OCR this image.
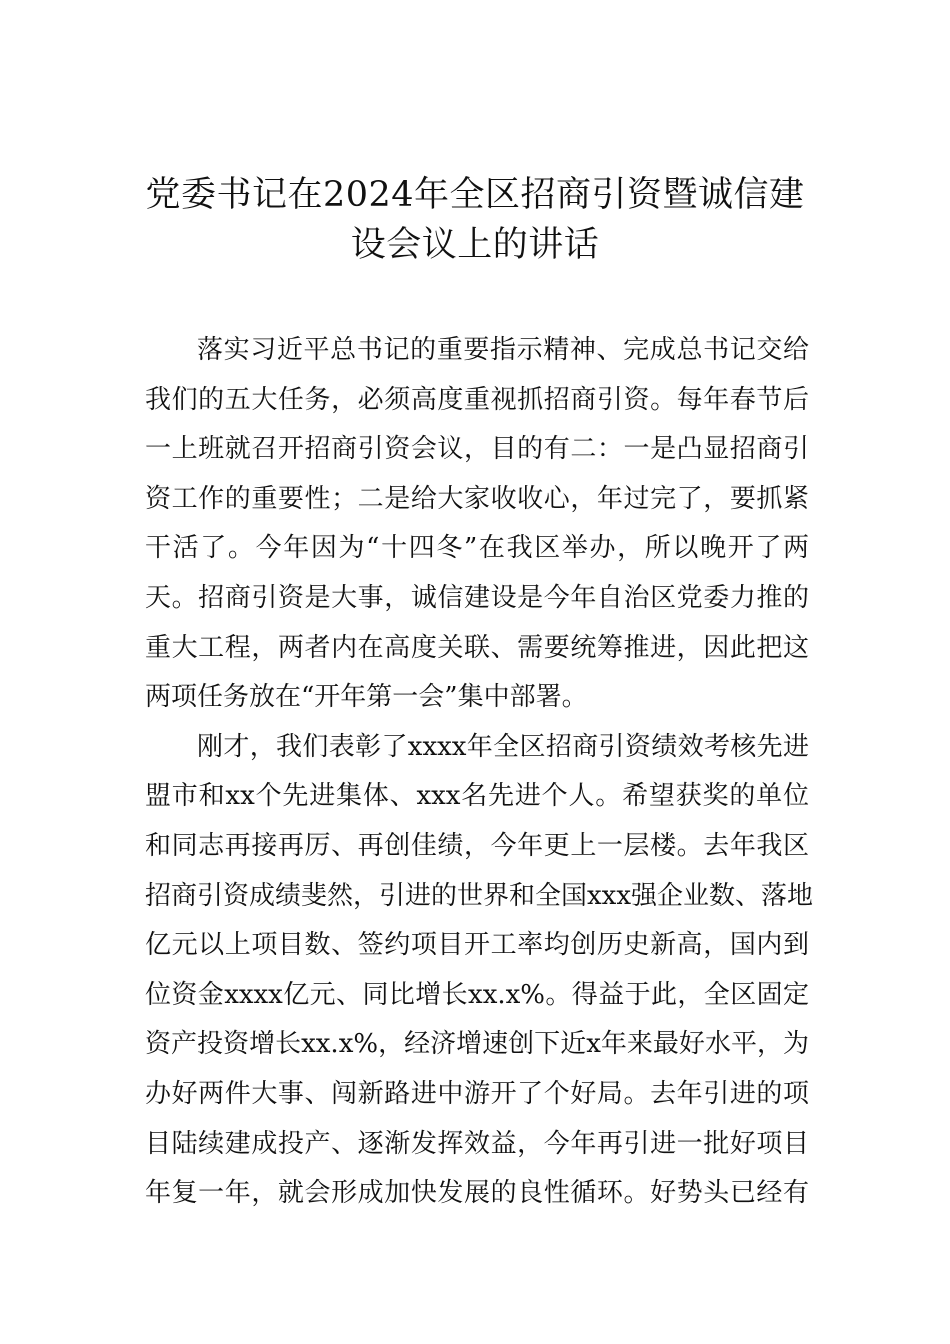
党委书记在2024年全区招商引资暨诚信建
设会议上的讲话

落实习近平总书记的重要指示精神、完成总书记交给
我们的五大任务，必须高度重视抓招商引资。每年春节后
一上班就召开招商引资会议，目的有二：一是凸显招商引
资工作的重要性；二是给大家收收心，年过完了，要抓紧
干活了。今年因为“十四冬”在我区举办，所以晚开了两
天。招商引资是大事，诚信建设是今年自治区党委力推的
重大工程，两者内在高度关联、需要统筹推进，因此把这
两项任务放在“开年第一会”集中部署。

刚才，我们表彰了xxxx年全区招商引资绩效考核先进
盟市和xx个先进集体、xxx名先进个人。希望获奖的单位
和同志再接再厉、再创佳绩，今年更上一层楼。去年我区
招商引资成绩斐然，引进的世界和全国xxx强企业数、落地
亿元以上项目数、签约项目开工率均创历史新高，国内到
位资金xxxx亿元、同比增长xx.x%。得益于此，全区固定
资产投资增长xx.x%，经济增速创下近x年来最好水平，为
办好两件大事、闯新路进中游开了个好局。去年引进的项
目陆续建成投产、逐渐发挥效益，今年再引进一批好项目
年复一年，就会形成加快发展的良性循环。好势头已经有
